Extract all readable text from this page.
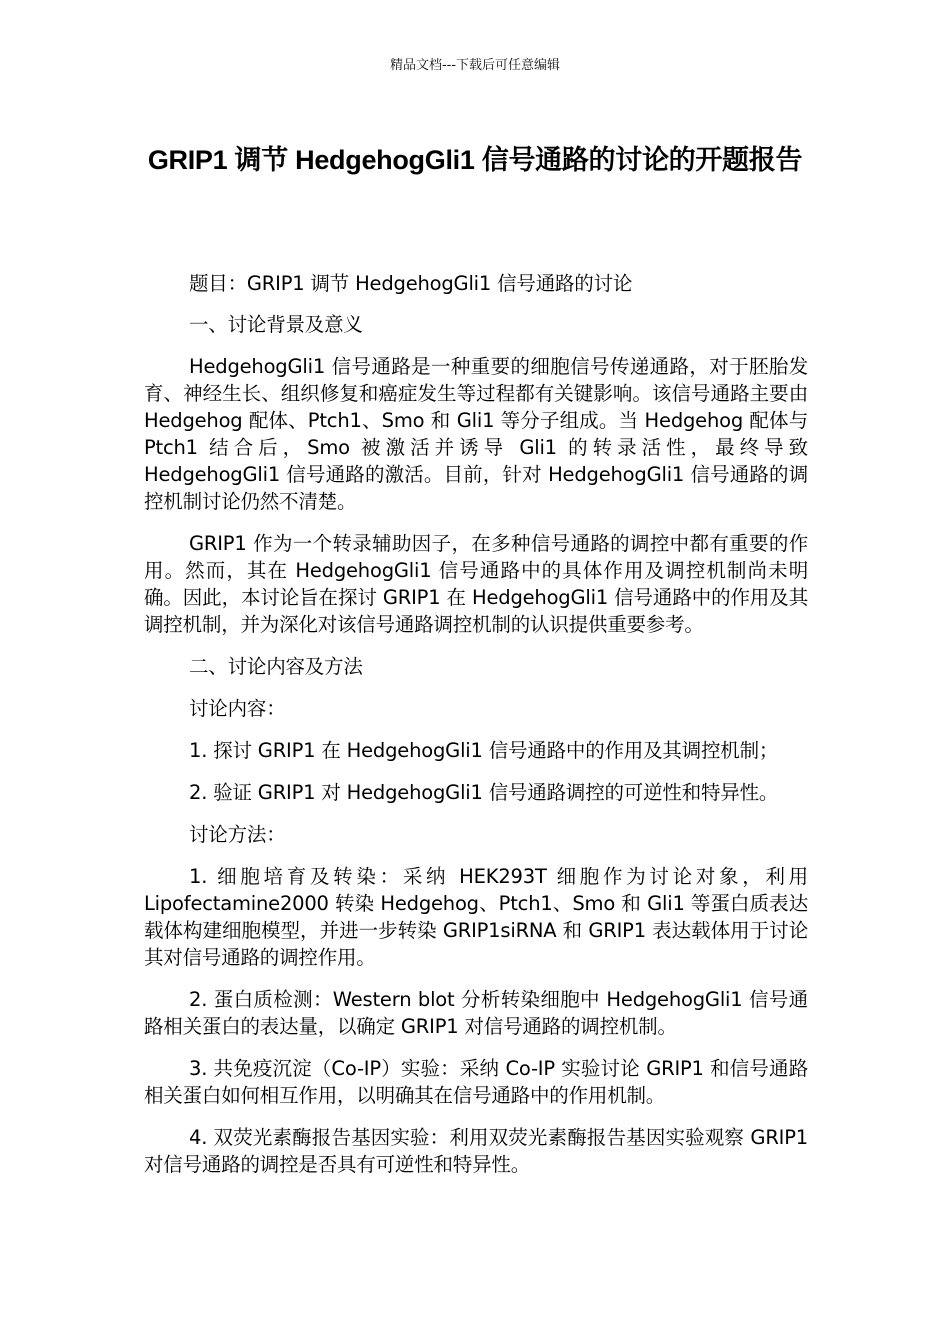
精品文档---下载后可任意编辑
GRIP1 调节 HedgehogGli1 信号通路的讨论的开题报告

题目：GRIP1 调节 HedgehogGli1 信号通路的讨论

一、讨论背景及意义

HedgehogGli1 信号通路是一种重要的细胞信号传递通路，对于胚胎发育、神经生长、组织修复和癌症发生等过程都有关键影响。该信号通路主要由 Hedgehog 配体、Ptch1、Smo 和 Gli1 等分子组成。当 Hedgehog 配体与 Ptch1 结合后，Smo 被激活并诱导 Gli1 的转录活性，最终导致 HedgehogGli1 信号通路的激活。目前，针对 HedgehogGli1 信号通路的调控机制讨论仍然不清楚。

GRIP1 作为一个转录辅助因子，在多种信号通路的调控中都有重要的作用。然而，其在 HedgehogGli1 信号通路中的具体作用及调控机制尚未明确。因此，本讨论旨在探讨 GRIP1 在 HedgehogGli1 信号通路中的作用及其调控机制，并为深化对该信号通路调控机制的认识提供重要参考。

二、讨论内容及方法

讨论内容：

1. 探讨 GRIP1 在 HedgehogGli1 信号通路中的作用及其调控机制；

2. 验证 GRIP1 对 HedgehogGli1 信号通路调控的可逆性和特异性。

讨论方法：

1. 细胞培育及转染：采纳 HEK293T 细胞作为讨论对象，利用 Lipofectamine2000 转染 Hedgehog、Ptch1、Smo 和 Gli1 等蛋白质表达载体构建细胞模型，并进一步转染 GRIP1siRNA 和 GRIP1 表达载体用于讨论其对信号通路的调控作用。

2. 蛋白质检测：Western blot 分析转染细胞中 HedgehogGli1 信号通路相关蛋白的表达量，以确定 GRIP1 对信号通路的调控机制。

3. 共免疫沉淀（Co-IP）实验：采纳 Co-IP 实验讨论 GRIP1 和信号通路相关蛋白如何相互作用，以明确其在信号通路中的作用机制。

4. 双荧光素酶报告基因实验：利用双荧光素酶报告基因实验观察 GRIP1 对信号通路的调控是否具有可逆性和特异性。
